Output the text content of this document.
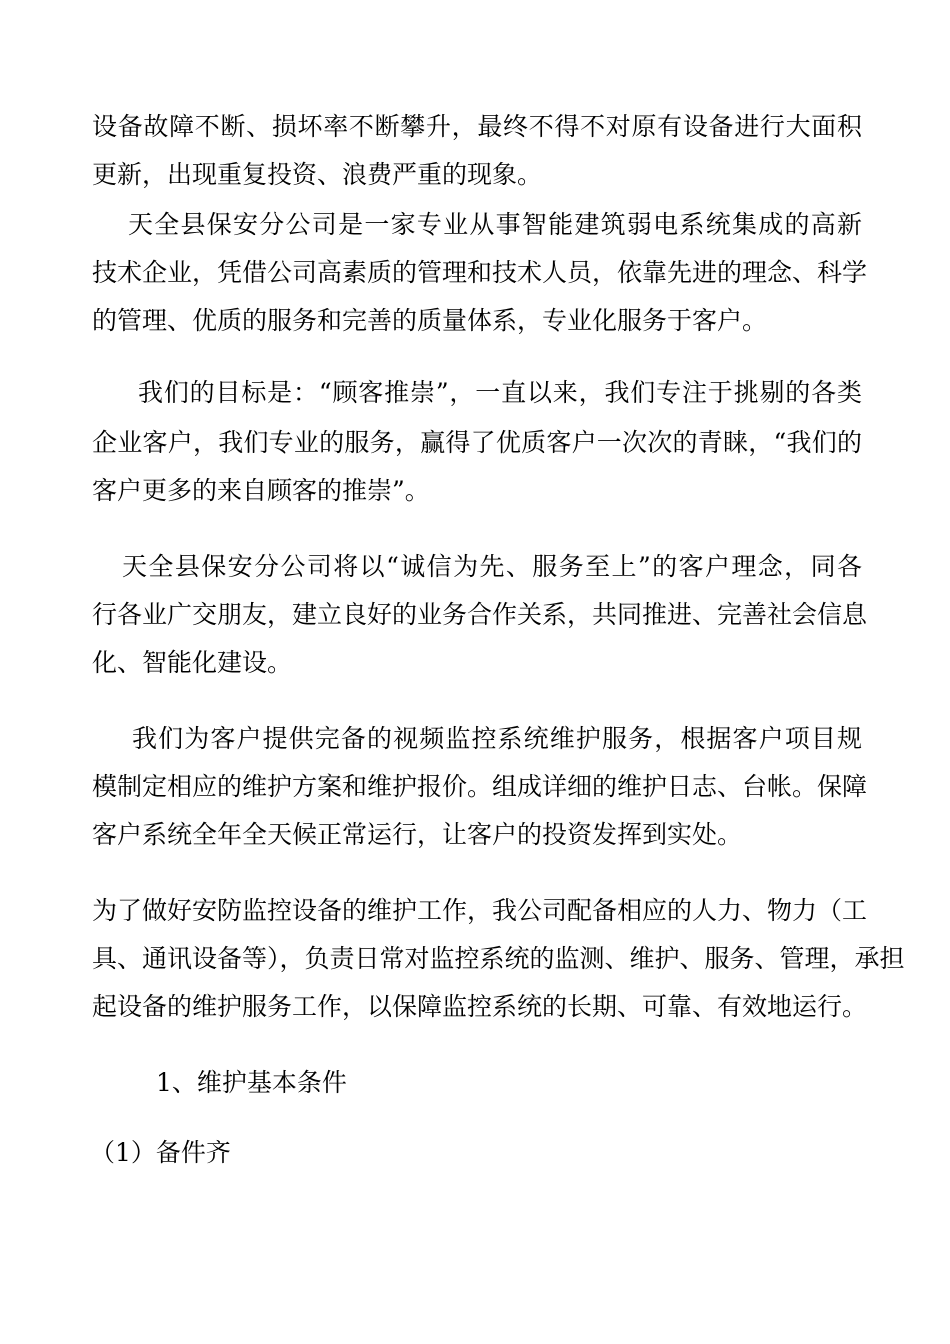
设备故障不断、损坏率不断攀升，最终不得不对原有设备进行大面积
更新，出现重复投资、浪费严重的现象。
天全县保安分公司是一家专业从事智能建筑弱电系统集成的高新
技术企业，凭借公司高素质的管理和技术人员，依靠先进的理念、科学
的管理、优质的服务和完善的质量体系，专业化服务于客户。
我们的目标是：“顾客推崇”，一直以来，我们专注于挑剔的各类
企业客户，我们专业的服务，赢得了优质客户一次次的青睐，“我们的
客户更多的来自顾客的推崇”。
天全县保安分公司将以“诚信为先、服务至上”的客户理念，同各
行各业广交朋友，建立良好的业务合作关系，共同推进、完善社会信息
化、智能化建设。
我们为客户提供完备的视频监控系统维护服务，根据客户项目规
模制定相应的维护方案和维护报价。组成详细的维护日志、台帐。保障
客户系统全年全天候正常运行，让客户的投资发挥到实处。
为了做好安防监控设备的维护工作，我公司配备相应的人力、物力（工
具、通讯设备等），负责日常对监控系统的监测、维护、服务、管理，承担
起设备的维护服务工作，以保障监控系统的长期、可靠、有效地运行。
1、维护基本条件
（1）备件齐
